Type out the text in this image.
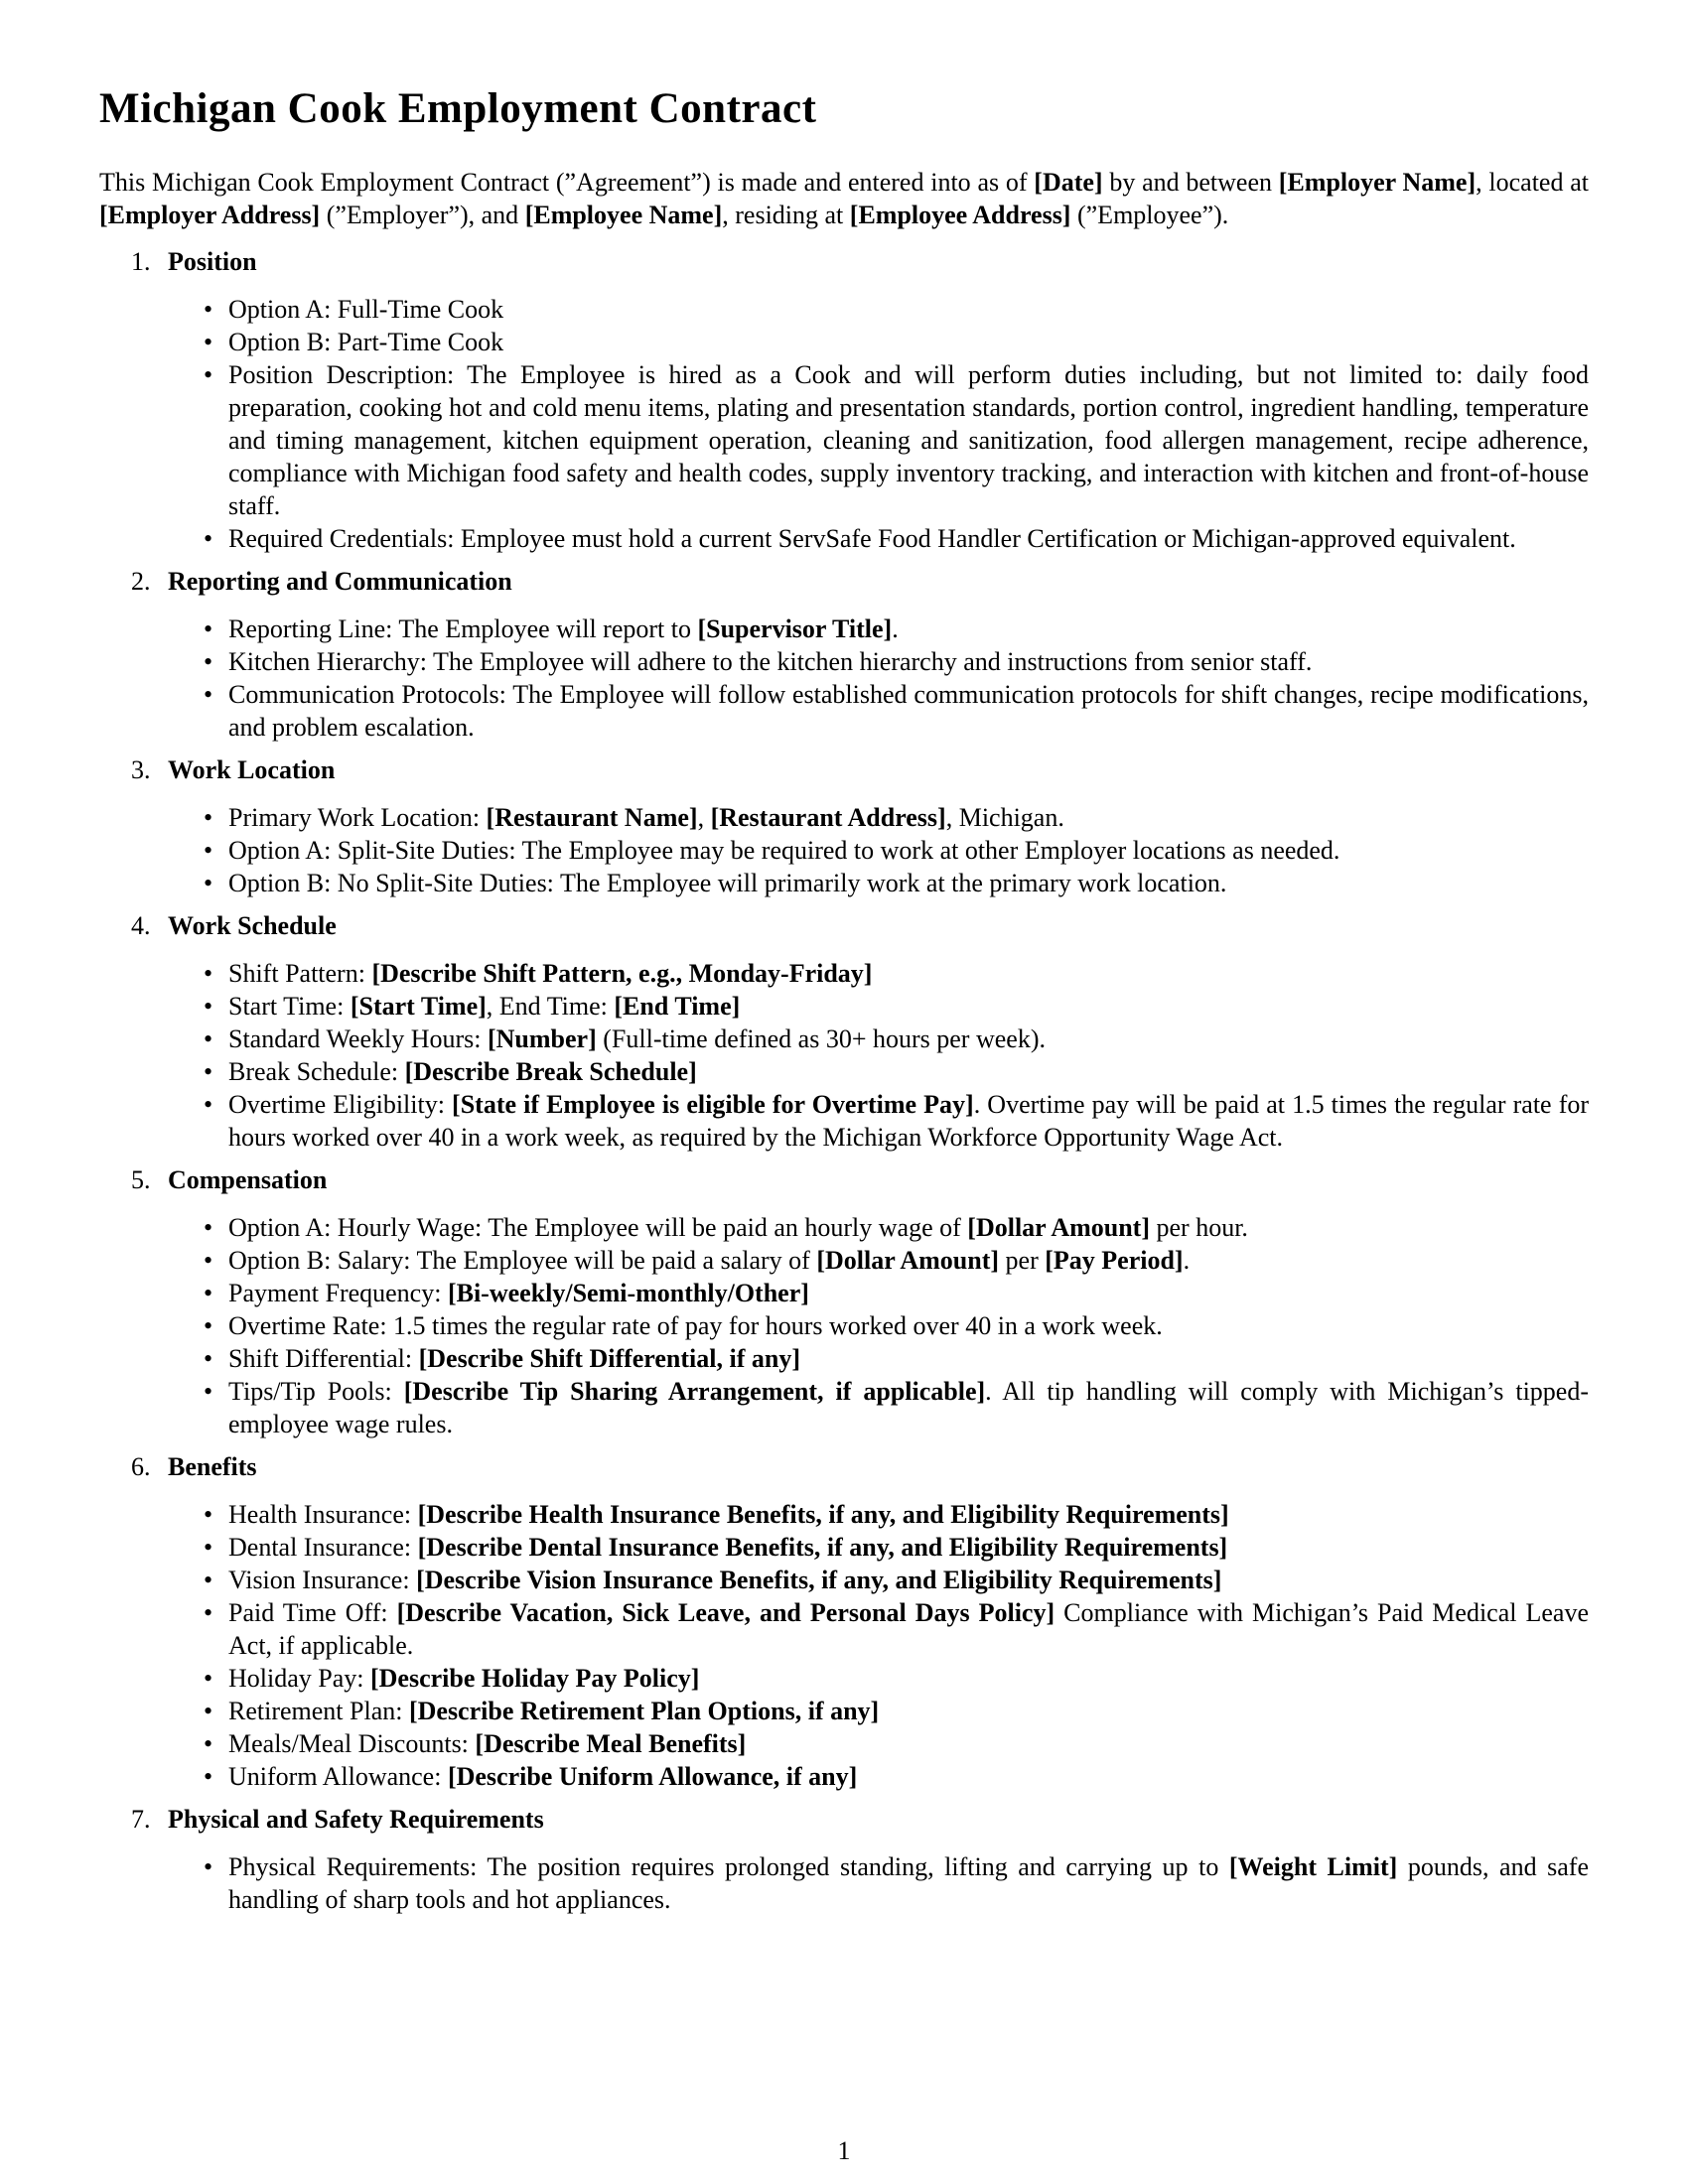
Michigan Cook Employment Contract

This Michigan Cook Employment Contract (”Agreement”) is made and entered into as of [Date] by and between [Employer Name], located at [Employer Address] (”Employer”), and [Employee Name], residing at [Employee Address] (”Employee”).

1. Position
• Option A: Full-Time Cook
• Option B: Part-Time Cook
• Position Description: The Employee is hired as a Cook and will perform duties including, but not limited to: daily food preparation, cooking hot and cold menu items, plating and presentation standards, portion control, ingredient handling, temperature and timing management, kitchen equipment operation, cleaning and sanitization, food allergen management, recipe adherence, compliance with Michigan food safety and health codes, supply inventory tracking, and interaction with kitchen and front-of-house staff.
• Required Credentials: Employee must hold a current ServSafe Food Handler Certification or Michigan-approved equivalent.
2. Reporting and Communication
• Reporting Line: The Employee will report to [Supervisor Title].
• Kitchen Hierarchy: The Employee will adhere to the kitchen hierarchy and instructions from senior staff.
• Communication Protocols: The Employee will follow established communication protocols for shift changes, recipe modifications, and problem escalation.
3. Work Location
• Primary Work Location: [Restaurant Name], [Restaurant Address], Michigan.
• Option A: Split-Site Duties: The Employee may be required to work at other Employer locations as needed.
• Option B: No Split-Site Duties: The Employee will primarily work at the primary work location.
4. Work Schedule
• Shift Pattern: [Describe Shift Pattern, e.g., Monday-Friday]
• Start Time: [Start Time], End Time: [End Time]
• Standard Weekly Hours: [Number] (Full-time defined as 30+ hours per week).
• Break Schedule: [Describe Break Schedule]
• Overtime Eligibility: [State if Employee is eligible for Overtime Pay]. Overtime pay will be paid at 1.5 times the regular rate for hours worked over 40 in a work week, as required by the Michigan Workforce Opportunity Wage Act.
5. Compensation
• Option A: Hourly Wage: The Employee will be paid an hourly wage of [Dollar Amount] per hour.
• Option B: Salary: The Employee will be paid a salary of [Dollar Amount] per [Pay Period].
• Payment Frequency: [Bi-weekly/Semi-monthly/Other]
• Overtime Rate: 1.5 times the regular rate of pay for hours worked over 40 in a work week.
• Shift Differential: [Describe Shift Differential, if any]
• Tips/Tip Pools: [Describe Tip Sharing Arrangement, if applicable]. All tip handling will comply with Michigan’s tipped-employee wage rules.
6. Benefits
• Health Insurance: [Describe Health Insurance Benefits, if any, and Eligibility Requirements]
• Dental Insurance: [Describe Dental Insurance Benefits, if any, and Eligibility Requirements]
• Vision Insurance: [Describe Vision Insurance Benefits, if any, and Eligibility Requirements]
• Paid Time Off: [Describe Vacation, Sick Leave, and Personal Days Policy] Compliance with Michigan’s Paid Medical Leave Act, if applicable.
• Holiday Pay: [Describe Holiday Pay Policy]
• Retirement Plan: [Describe Retirement Plan Options, if any]
• Meals/Meal Discounts: [Describe Meal Benefits]
• Uniform Allowance: [Describe Uniform Allowance, if any]
7. Physical and Safety Requirements
• Physical Requirements: The position requires prolonged standing, lifting and carrying up to [Weight Limit] pounds, and safe handling of sharp tools and hot appliances.
1
